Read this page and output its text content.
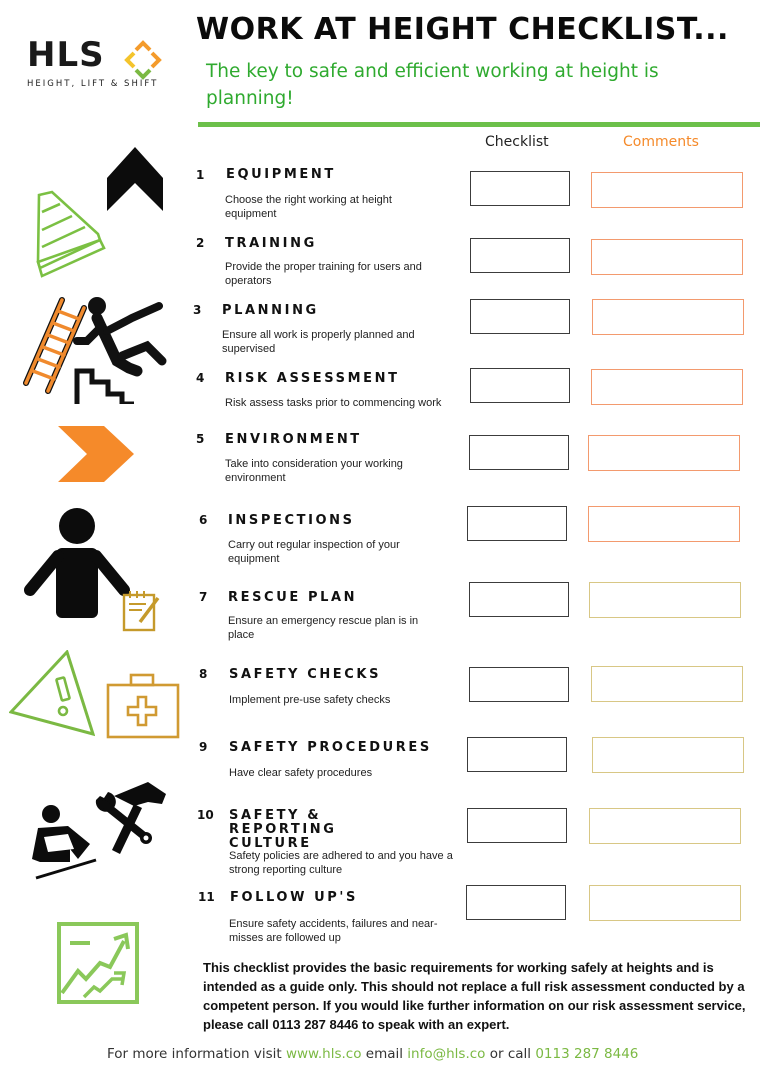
HLS
HEIGHT, LIFT & SHIFT
WORK AT HEIGHT CHECKLIST...
The key to safe and efficient working at height is planning!
Checklist	Comments
1 EQUIPMENT
Choose the right working at height equipment
2 TRAINING
Provide the proper training for users and operators
3 PLANNING
Ensure all work is properly planned and supervised
4 RISK ASSESSMENT
Risk assess tasks prior to commencing work
5 ENVIRONMENT
Take into consideration your working environment
6 INSPECTIONS
Carry out regular inspection of your equipment
7 RESCUE PLAN
Ensure an emergency rescue plan is in place
8 SAFETY CHECKS
Implement pre-use safety checks
9 SAFETY PROCEDURES
Have clear safety procedures
10 SAFETY & REPORTING CULTURE
Safety policies are adhered to and you have a strong reporting culture
11 FOLLOW UP'S
Ensure safety accidents, failures and near-misses are followed up
This checklist provides the basic requirements for working safely at heights and is intended as a guide only. This should not replace a full risk assessment conducted by a competent person. If you would like further information on our risk assessment service, please call 0113 287 8446 to speak with an expert.
For more information visit www.hls.co email info@hls.co or call 0113 287 8446
